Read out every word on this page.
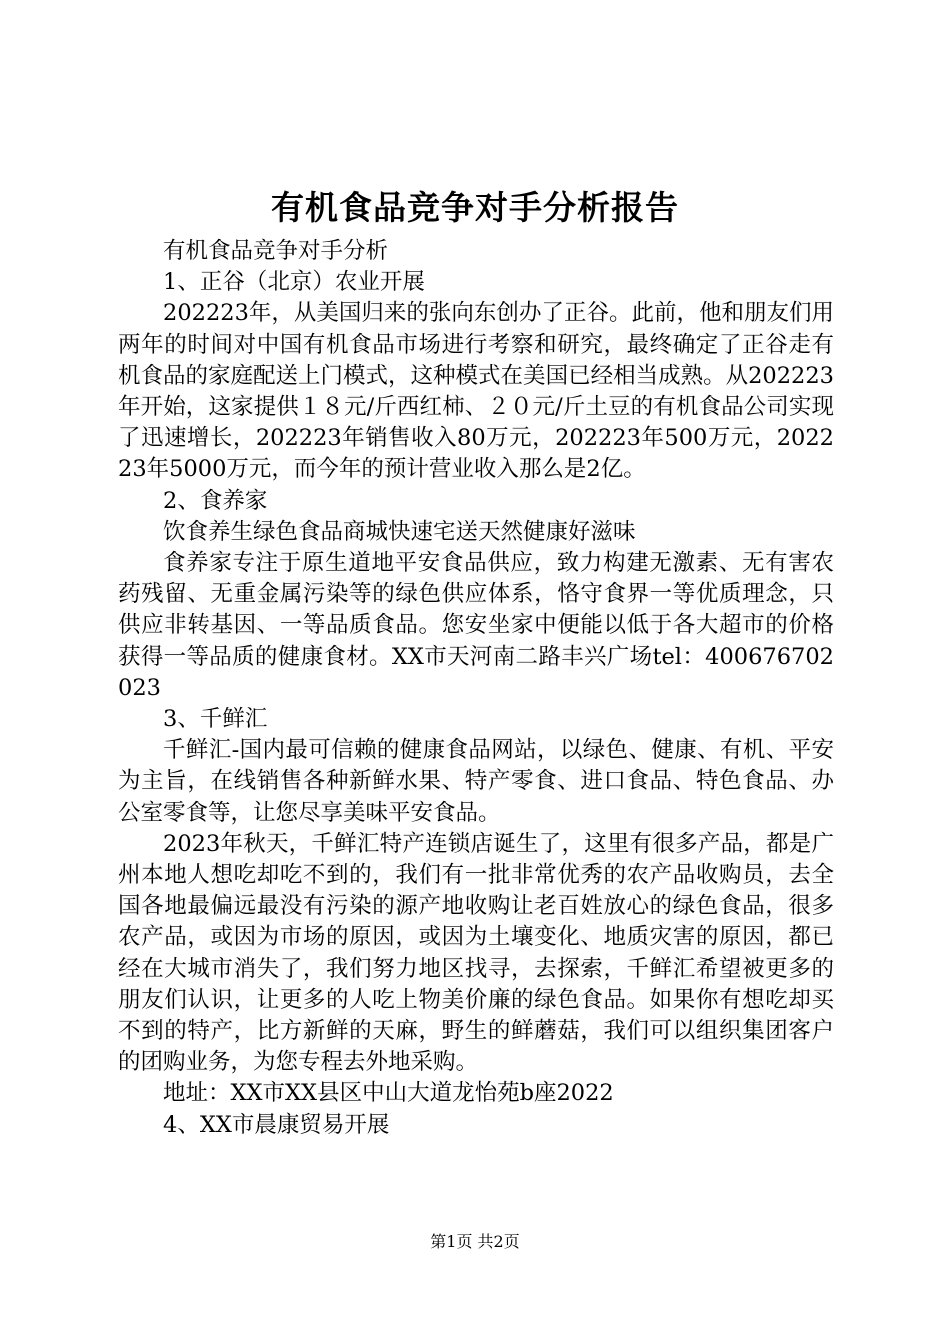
有机食品竞争对手分析报告

有机食品竞争对手分析

1、正谷（北京）农业开展

202223年，从美国归来的张向东创办了正谷。此前，他和朋友们用两年的时间对中国有机食品市场进行考察和研究，最终确定了正谷走有机食品的家庭配送上门模式，这种模式在美国已经相当成熟。从202223年开始，这家提供１８元/斤西红柿、２０元/斤土豆的有机食品公司实现了迅速增长，202223年销售收入80万元，202223年500万元，202223年5000万元，而今年的预计营业收入那么是2亿。

2、食养家

饮食养生绿色食品商城快速宅送天然健康好滋味

食养家专注于原生道地平安食品供应，致力构建无激素、无有害农药残留、无重金属污染等的绿色供应体系，恪守食界一等优质理念，只供应非转基因、一等品质食品。您安坐家中便能以低于各大超市的价格获得一等品质的健康食材。XX市天河南二路丰兴广场tel：400676702023

3、千鲜汇

千鲜汇-国内最可信赖的健康食品网站，以绿色、健康、有机、平安为主旨，在线销售各种新鲜水果、特产零食、进口食品、特色食品、办公室零食等，让您尽享美味平安食品。

2023年秋天，千鲜汇特产连锁店诞生了，这里有很多产品，都是广州本地人想吃却吃不到的，我们有一批非常优秀的农产品收购员，去全国各地最偏远最没有污染的源产地收购让老百姓放心的绿色食品，很多农产品，或因为市场的原因，或因为土壤变化、地质灾害的原因，都已经在大城市消失了，我们努力地区找寻，去探索，千鲜汇希望被更多的朋友们认识，让更多的人吃上物美价廉的绿色食品。如果你有想吃却买不到的特产，比方新鲜的天麻，野生的鲜蘑菇，我们可以组织集团客户的团购业务，为您专程去外地采购。

地址：XX市XX县区中山大道龙怡苑b座2022

4、XX市晨康贸易开展

第1页 共2页
